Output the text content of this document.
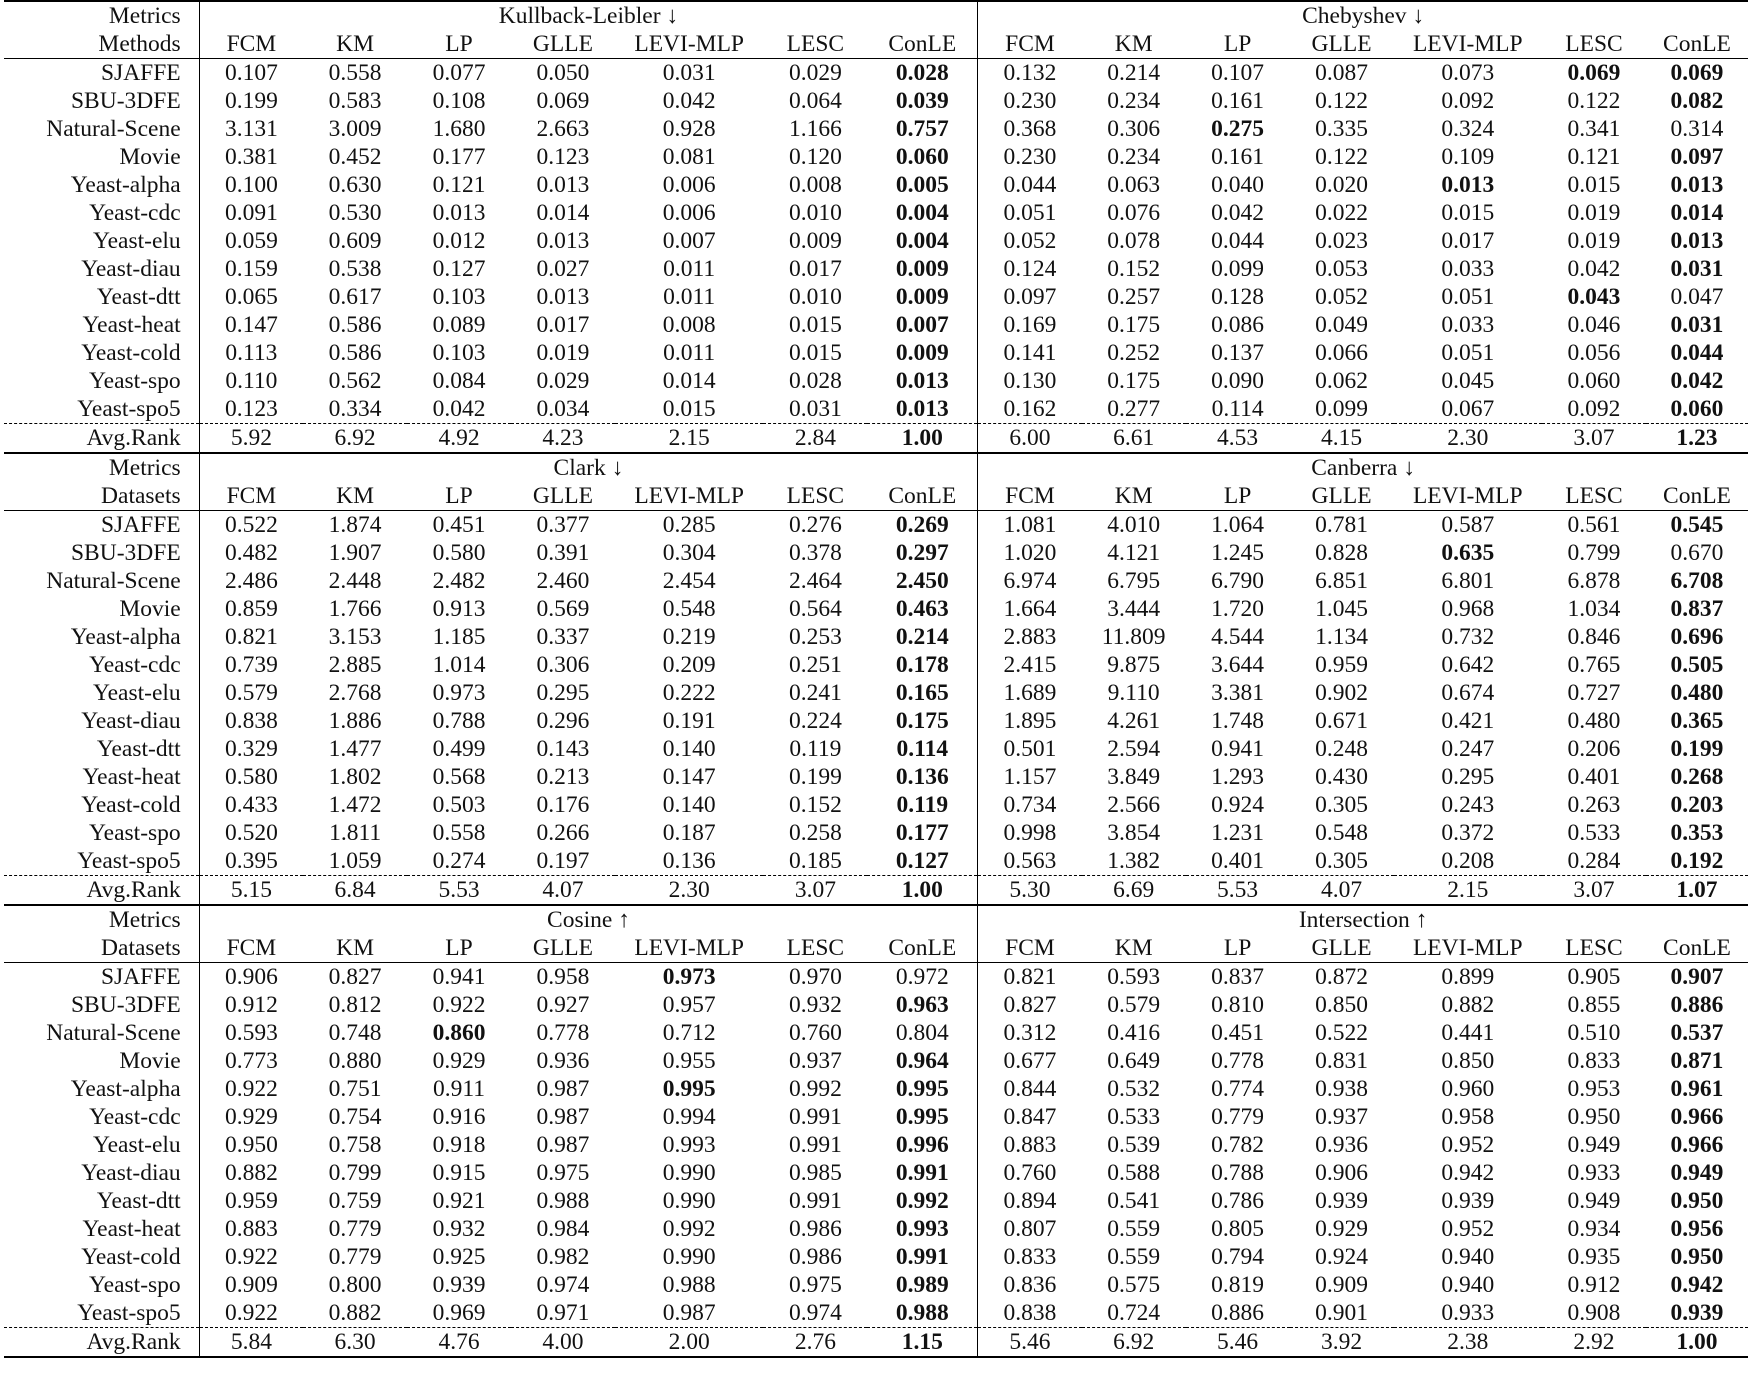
Metrics	Kullback-Leibler ↓							Chebyshev ↓						
Methods	FCM	KM	LP	GLLE	LEVI-MLP	LESC	ConLE	FCM	KM	LP	GLLE	LEVI-MLP	LESC	ConLE
SJAFFE	0.107	0.558	0.077	0.050	0.031	0.029	0.028	0.132	0.214	0.107	0.087	0.073	0.069	0.069
SBU-3DFE	0.199	0.583	0.108	0.069	0.042	0.064	0.039	0.230	0.234	0.161	0.122	0.092	0.122	0.082
Natural-Scene	3.131	3.009	1.680	2.663	0.928	1.166	0.757	0.368	0.306	0.275	0.335	0.324	0.341	0.314
Movie	0.381	0.452	0.177	0.123	0.081	0.120	0.060	0.230	0.234	0.161	0.122	0.109	0.121	0.097
Yeast-alpha	0.100	0.630	0.121	0.013	0.006	0.008	0.005	0.044	0.063	0.040	0.020	0.013	0.015	0.013
Yeast-cdc	0.091	0.530	0.013	0.014	0.006	0.010	0.004	0.051	0.076	0.042	0.022	0.015	0.019	0.014
Yeast-elu	0.059	0.609	0.012	0.013	0.007	0.009	0.004	0.052	0.078	0.044	0.023	0.017	0.019	0.013
Yeast-diau	0.159	0.538	0.127	0.027	0.011	0.017	0.009	0.124	0.152	0.099	0.053	0.033	0.042	0.031
Yeast-dtt	0.065	0.617	0.103	0.013	0.011	0.010	0.009	0.097	0.257	0.128	0.052	0.051	0.043	0.047
Yeast-heat	0.147	0.586	0.089	0.017	0.008	0.015	0.007	0.169	0.175	0.086	0.049	0.033	0.046	0.031
Yeast-cold	0.113	0.586	0.103	0.019	0.011	0.015	0.009	0.141	0.252	0.137	0.066	0.051	0.056	0.044
Yeast-spo	0.110	0.562	0.084	0.029	0.014	0.028	0.013	0.130	0.175	0.090	0.062	0.045	0.060	0.042
Yeast-spo5	0.123	0.334	0.042	0.034	0.015	0.031	0.013	0.162	0.277	0.114	0.099	0.067	0.092	0.060
Avg.Rank	5.92	6.92	4.92	4.23	2.15	2.84	1.00	6.00	6.61	4.53	4.15	2.30	3.07	1.23
Metrics	Clark ↓							Canberra ↓						
Datasets	FCM	KM	LP	GLLE	LEVI-MLP	LESC	ConLE	FCM	KM	LP	GLLE	LEVI-MLP	LESC	ConLE
SJAFFE	0.522	1.874	0.451	0.377	0.285	0.276	0.269	1.081	4.010	1.064	0.781	0.587	0.561	0.545
SBU-3DFE	0.482	1.907	0.580	0.391	0.304	0.378	0.297	1.020	4.121	1.245	0.828	0.635	0.799	0.670
Natural-Scene	2.486	2.448	2.482	2.460	2.454	2.464	2.450	6.974	6.795	6.790	6.851	6.801	6.878	6.708
Movie	0.859	1.766	0.913	0.569	0.548	0.564	0.463	1.664	3.444	1.720	1.045	0.968	1.034	0.837
Yeast-alpha	0.821	3.153	1.185	0.337	0.219	0.253	0.214	2.883	11.809	4.544	1.134	0.732	0.846	0.696
Yeast-cdc	0.739	2.885	1.014	0.306	0.209	0.251	0.178	2.415	9.875	3.644	0.959	0.642	0.765	0.505
Yeast-elu	0.579	2.768	0.973	0.295	0.222	0.241	0.165	1.689	9.110	3.381	0.902	0.674	0.727	0.480
Yeast-diau	0.838	1.886	0.788	0.296	0.191	0.224	0.175	1.895	4.261	1.748	0.671	0.421	0.480	0.365
Yeast-dtt	0.329	1.477	0.499	0.143	0.140	0.119	0.114	0.501	2.594	0.941	0.248	0.247	0.206	0.199
Yeast-heat	0.580	1.802	0.568	0.213	0.147	0.199	0.136	1.157	3.849	1.293	0.430	0.295	0.401	0.268
Yeast-cold	0.433	1.472	0.503	0.176	0.140	0.152	0.119	0.734	2.566	0.924	0.305	0.243	0.263	0.203
Yeast-spo	0.520	1.811	0.558	0.266	0.187	0.258	0.177	0.998	3.854	1.231	0.548	0.372	0.533	0.353
Yeast-spo5	0.395	1.059	0.274	0.197	0.136	0.185	0.127	0.563	1.382	0.401	0.305	0.208	0.284	0.192
Avg.Rank	5.15	6.84	5.53	4.07	2.30	3.07	1.00	5.30	6.69	5.53	4.07	2.15	3.07	1.07
Metrics	Cosine ↑							Intersection ↑						
Datasets	FCM	KM	LP	GLLE	LEVI-MLP	LESC	ConLE	FCM	KM	LP	GLLE	LEVI-MLP	LESC	ConLE
SJAFFE	0.906	0.827	0.941	0.958	0.973	0.970	0.972	0.821	0.593	0.837	0.872	0.899	0.905	0.907
SBU-3DFE	0.912	0.812	0.922	0.927	0.957	0.932	0.963	0.827	0.579	0.810	0.850	0.882	0.855	0.886
Natural-Scene	0.593	0.748	0.860	0.778	0.712	0.760	0.804	0.312	0.416	0.451	0.522	0.441	0.510	0.537
Movie	0.773	0.880	0.929	0.936	0.955	0.937	0.964	0.677	0.649	0.778	0.831	0.850	0.833	0.871
Yeast-alpha	0.922	0.751	0.911	0.987	0.995	0.992	0.995	0.844	0.532	0.774	0.938	0.960	0.953	0.961
Yeast-cdc	0.929	0.754	0.916	0.987	0.994	0.991	0.995	0.847	0.533	0.779	0.937	0.958	0.950	0.966
Yeast-elu	0.950	0.758	0.918	0.987	0.993	0.991	0.996	0.883	0.539	0.782	0.936	0.952	0.949	0.966
Yeast-diau	0.882	0.799	0.915	0.975	0.990	0.985	0.991	0.760	0.588	0.788	0.906	0.942	0.933	0.949
Yeast-dtt	0.959	0.759	0.921	0.988	0.990	0.991	0.992	0.894	0.541	0.786	0.939	0.939	0.949	0.950
Yeast-heat	0.883	0.779	0.932	0.984	0.992	0.986	0.993	0.807	0.559	0.805	0.929	0.952	0.934	0.956
Yeast-cold	0.922	0.779	0.925	0.982	0.990	0.986	0.991	0.833	0.559	0.794	0.924	0.940	0.935	0.950
Yeast-spo	0.909	0.800	0.939	0.974	0.988	0.975	0.989	0.836	0.575	0.819	0.909	0.940	0.912	0.942
Yeast-spo5	0.922	0.882	0.969	0.971	0.987	0.974	0.988	0.838	0.724	0.886	0.901	0.933	0.908	0.939
Avg.Rank	5.84	6.30	4.76	4.00	2.00	2.76	1.15	5.46	6.92	5.46	3.92	2.38	2.92	1.00
